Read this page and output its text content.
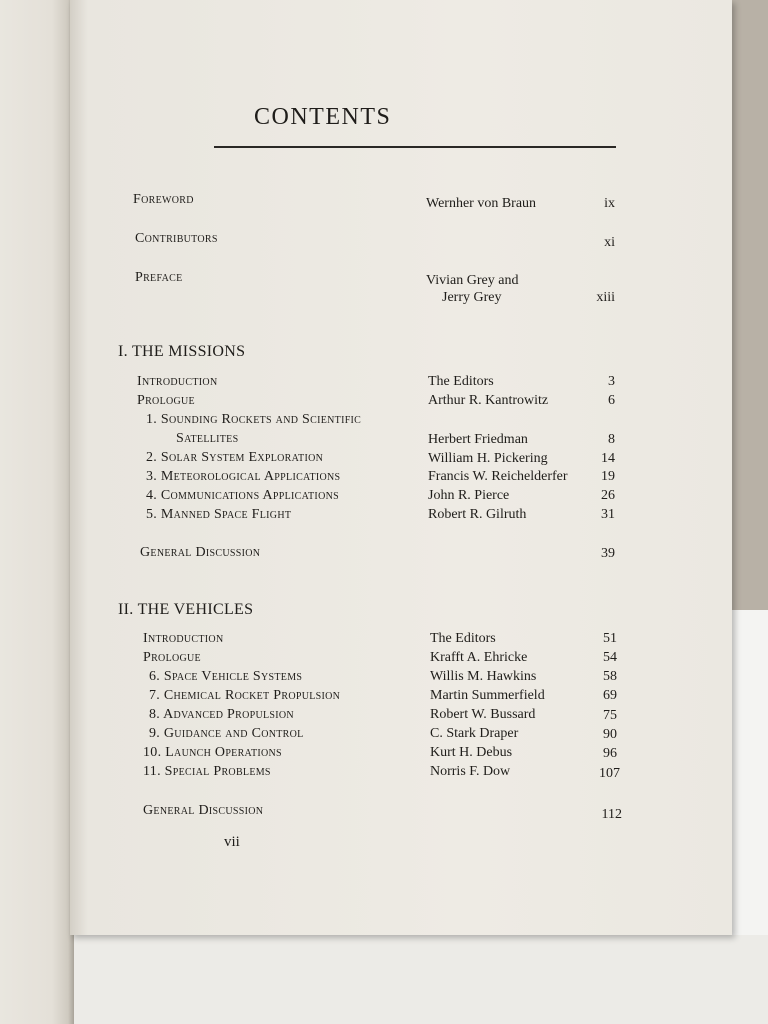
CONTENTS
Foreword	Wernher von Braun	ix
Contributors	xi
Preface	Vivian Grey and
Jerry Grey	xiii
I. THE MISSIONS
Introduction	The Editors	3
Prologue	Arthur R. Kantrowitz	6
1. Sounding Rockets and Scientific
Satellites	Herbert Friedman	8
2. Solar System Exploration	William H. Pickering	14
3. Meteorological Applications	Francis W. Reichelderfer	19
4. Communications Applications	John R. Pierce	26
5. Manned Space Flight	Robert R. Gilruth	31
General Discussion	39
II. THE VEHICLES
Introduction	The Editors	51
Prologue	Krafft A. Ehricke	54
6. Space Vehicle Systems	Willis M. Hawkins	58
7. Chemical Rocket Propulsion	Martin Summerfield	69
8. Advanced Propulsion	Robert W. Bussard	75
9. Guidance and Control	C. Stark Draper	90
10. Launch Operations	Kurt H. Debus	96
11. Special Problems	Norris F. Dow	107
General Discussion	112
vii
